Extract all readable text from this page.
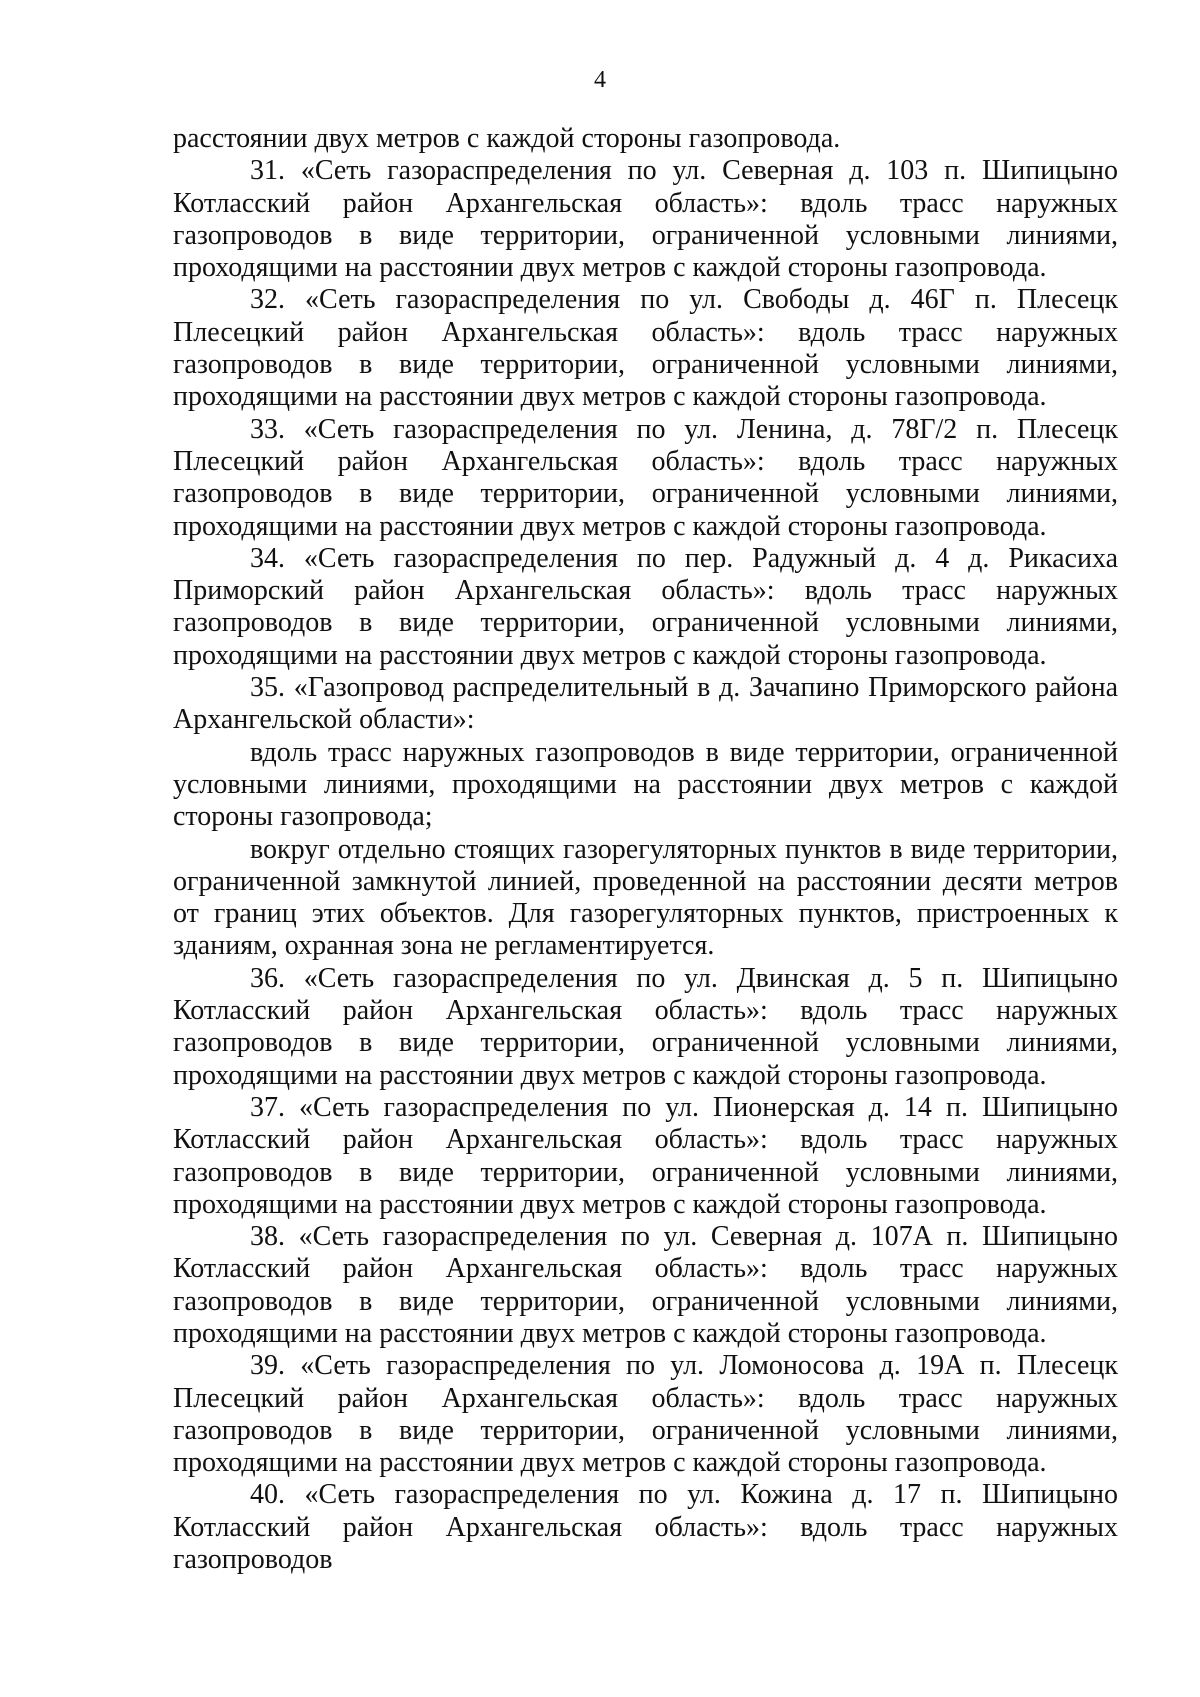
4

расстоянии двух метров с каждой стороны газопровода.

31. «Сеть газораспределения по ул. Северная д. 103 п. Шипицыно Котласский район Архангельская область»: вдоль трасс наружных газопроводов в виде территории, ограниченной условными линиями, проходящими на расстоянии двух метров с каждой стороны газопровода.

32. «Сеть газораспределения по ул. Свободы д. 46Г п. Плесецк Плесецкий район Архангельская область»: вдоль трасс наружных газопроводов в виде территории, ограниченной условными линиями, проходящими на расстоянии двух метров с каждой стороны газопровода.

33. «Сеть газораспределения по ул. Ленина, д. 78Г/2 п. Плесецк Плесецкий район Архангельская область»: вдоль трасс наружных газопроводов в виде территории, ограниченной условными линиями, проходящими на расстоянии двух метров с каждой стороны газопровода.

34. «Сеть газораспределения по пер. Радужный д. 4 д. Рикасиха Приморский район Архангельская область»: вдоль трасс наружных газопроводов в виде территории, ограниченной условными линиями, проходящими на расстоянии двух метров с каждой стороны газопровода.

35. «Газопровод распределительный в д. Зачапино Приморского района Архангельской области»:

вдоль трасс наружных газопроводов в виде территории, ограниченной условными линиями, проходящими на расстоянии двух метров с каждой стороны газопровода;

вокруг отдельно стоящих газорегуляторных пунктов в виде территории, ограниченной замкнутой линией, проведенной на расстоянии десяти метров от границ этих объектов. Для газорегуляторных пунктов, пристроенных к зданиям, охранная зона не регламентируется.

36. «Сеть газораспределения по ул. Двинская д. 5 п. Шипицыно Котласский район Архангельская область»: вдоль трасс наружных газопроводов в виде территории, ограниченной условными линиями, проходящими на расстоянии двух метров с каждой стороны газопровода.

37. «Сеть газораспределения по ул. Пионерская д. 14 п. Шипицыно Котласский район Архангельская область»: вдоль трасс наружных газопроводов в виде территории, ограниченной условными линиями, проходящими на расстоянии двух метров с каждой стороны газопровода.

38. «Сеть газораспределения по ул. Северная д. 107А п. Шипицыно Котласский район Архангельская область»: вдоль трасс наружных газопроводов в виде территории, ограниченной условными линиями, проходящими на расстоянии двух метров с каждой стороны газопровода.

39. «Сеть газораспределения по ул. Ломоносова д. 19А п. Плесецк Плесецкий район Архангельская область»: вдоль трасс наружных газопроводов в виде территории, ограниченной условными линиями, проходящими на расстоянии двух метров с каждой стороны газопровода.

40. «Сеть газораспределения по ул. Кожина д. 17 п. Шипицыно Котласский район Архангельская область»: вдоль трасс наружных газопроводов
